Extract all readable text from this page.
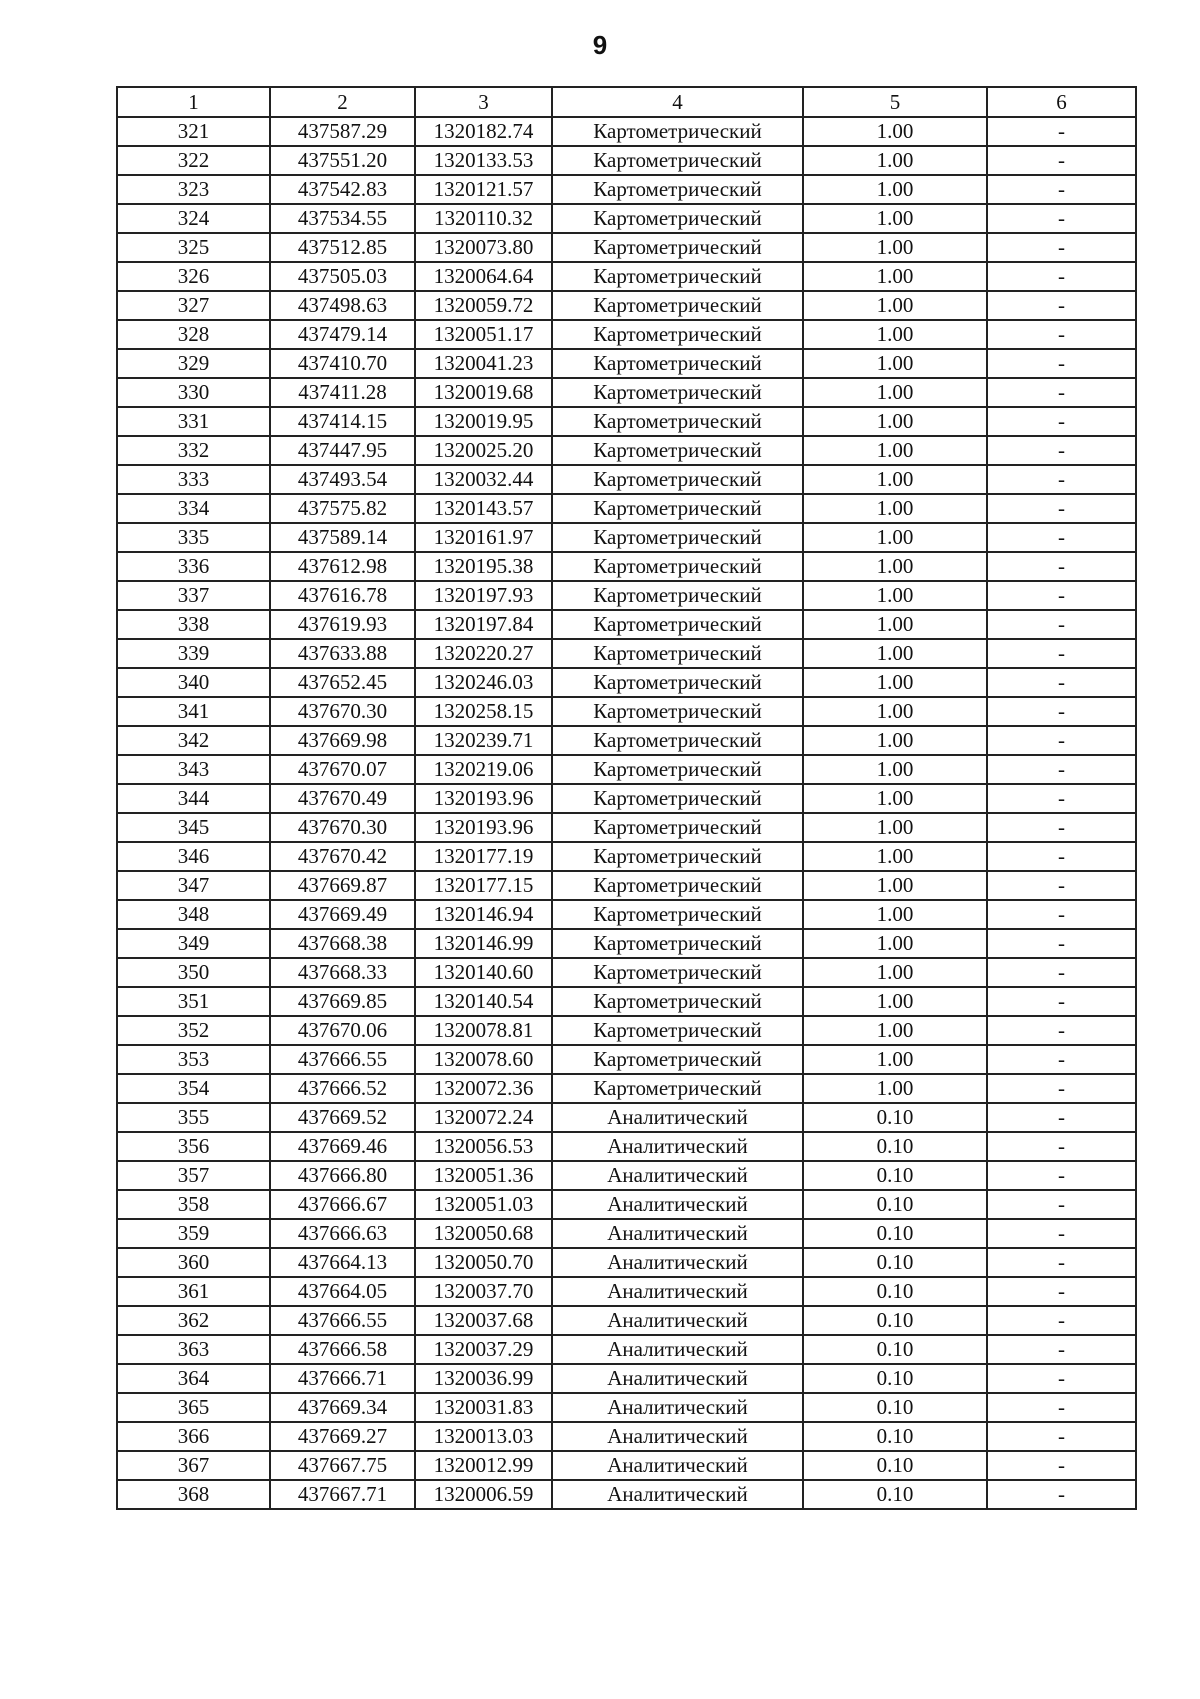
9
1	2	3	4	5	6
321	437587.29	1320182.74	Картометрический	1.00	-
322	437551.20	1320133.53	Картометрический	1.00	-
323	437542.83	1320121.57	Картометрический	1.00	-
324	437534.55	1320110.32	Картометрический	1.00	-
325	437512.85	1320073.80	Картометрический	1.00	-
326	437505.03	1320064.64	Картометрический	1.00	-
327	437498.63	1320059.72	Картометрический	1.00	-
328	437479.14	1320051.17	Картометрический	1.00	-
329	437410.70	1320041.23	Картометрический	1.00	-
330	437411.28	1320019.68	Картометрический	1.00	-
331	437414.15	1320019.95	Картометрический	1.00	-
332	437447.95	1320025.20	Картометрический	1.00	-
333	437493.54	1320032.44	Картометрический	1.00	-
334	437575.82	1320143.57	Картометрический	1.00	-
335	437589.14	1320161.97	Картометрический	1.00	-
336	437612.98	1320195.38	Картометрический	1.00	-
337	437616.78	1320197.93	Картометрический	1.00	-
338	437619.93	1320197.84	Картометрический	1.00	-
339	437633.88	1320220.27	Картометрический	1.00	-
340	437652.45	1320246.03	Картометрический	1.00	-
341	437670.30	1320258.15	Картометрический	1.00	-
342	437669.98	1320239.71	Картометрический	1.00	-
343	437670.07	1320219.06	Картометрический	1.00	-
344	437670.49	1320193.96	Картометрический	1.00	-
345	437670.30	1320193.96	Картометрический	1.00	-
346	437670.42	1320177.19	Картометрический	1.00	-
347	437669.87	1320177.15	Картометрический	1.00	-
348	437669.49	1320146.94	Картометрический	1.00	-
349	437668.38	1320146.99	Картометрический	1.00	-
350	437668.33	1320140.60	Картометрический	1.00	-
351	437669.85	1320140.54	Картометрический	1.00	-
352	437670.06	1320078.81	Картометрический	1.00	-
353	437666.55	1320078.60	Картометрический	1.00	-
354	437666.52	1320072.36	Картометрический	1.00	-
355	437669.52	1320072.24	Аналитический	0.10	-
356	437669.46	1320056.53	Аналитический	0.10	-
357	437666.80	1320051.36	Аналитический	0.10	-
358	437666.67	1320051.03	Аналитический	0.10	-
359	437666.63	1320050.68	Аналитический	0.10	-
360	437664.13	1320050.70	Аналитический	0.10	-
361	437664.05	1320037.70	Аналитический	0.10	-
362	437666.55	1320037.68	Аналитический	0.10	-
363	437666.58	1320037.29	Аналитический	0.10	-
364	437666.71	1320036.99	Аналитический	0.10	-
365	437669.34	1320031.83	Аналитический	0.10	-
366	437669.27	1320013.03	Аналитический	0.10	-
367	437667.75	1320012.99	Аналитический	0.10	-
368	437667.71	1320006.59	Аналитический	0.10	-
